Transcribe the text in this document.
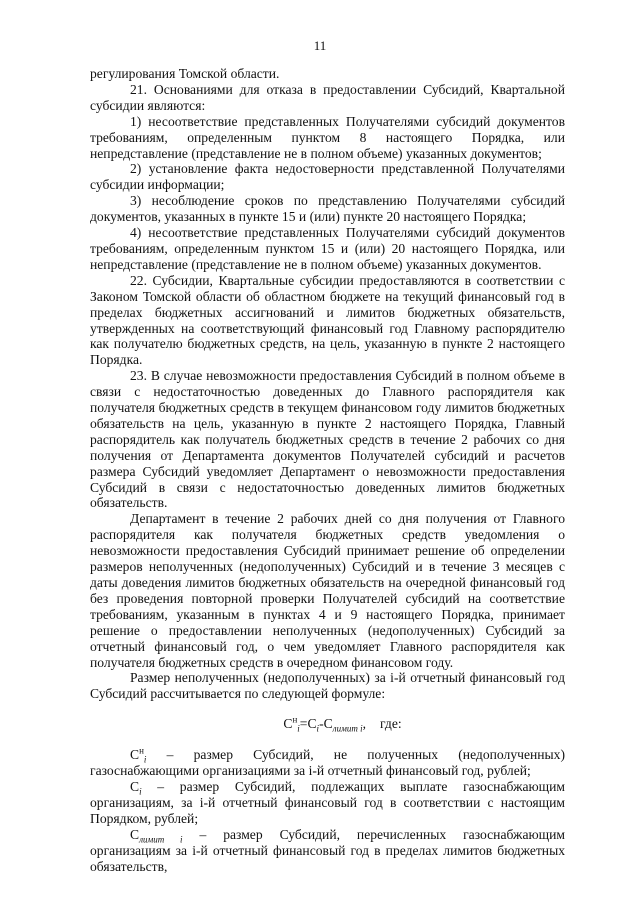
11

регулирования Томской области.

21. Основаниями для отказа в предоставлении Субсидий, Квартальной субсидии являются:

1) несоответствие представленных Получателями субсидий документов требованиям, определенным пунктом 8 настоящего Порядка, или непредставление (представление не в полном объеме) указанных документов;

2) установление факта недостоверности представленной Получателями субсидии информации;

3) несоблюдение сроков по представлению Получателями субсидий документов, указанных в пункте 15 и (или) пункте 20 настоящего Порядка;

4) несоответствие представленных Получателями субсидий документов требованиям, определенным пунктом 15 и (или) 20 настоящего Порядка, или непредставление (представление не в полном объеме) указанных документов.

22. Субсидии, Квартальные субсидии предоставляются в соответствии с Законом Томской области об областном бюджете на текущий финансовый год в пределах бюджетных ассигнований и лимитов бюджетных обязательств, утвержденных на соответствующий финансовый год Главному распорядителю как получателю бюджетных средств, на цель, указанную в пункте 2 настоящего Порядка.

23. В случае невозможности предоставления Субсидий в полном объеме в связи с недостаточностью доведенных до Главного распорядителя как получателя бюджетных средств в текущем финансовом году лимитов бюджетных обязательств на цель, указанную в пункте 2 настоящего Порядка, Главный распорядитель как получатель бюджетных средств в течение 2 рабочих со дня получения от Департамента документов Получателей субсидий и расчетов размера Субсидий уведомляет Департамент о невозможности предоставления Субсидий в связи с недостаточностью доведенных лимитов бюджетных обязательств.

Департамент в течение 2 рабочих дней со дня получения от Главного распорядителя как получателя бюджетных средств уведомления о невозможности предоставления Субсидий принимает решение об определении размеров неполученных (недополученных) Субсидий и в течение 3 месяцев с даты доведения лимитов бюджетных обязательств на очередной финансовый год без проведения повторной проверки Получателей субсидий на соответствие требованиям, указанным в пунктах 4 и 9 настоящего Порядка, принимает решение о предоставлении неполученных (недополученных) Субсидий за отчетный финансовый год, о чем уведомляет Главного распорядителя как получателя бюджетных средств в очередном финансовом году.

Размер неполученных (недополученных) за i-й отчетный финансовый год Субсидий рассчитывается по следующей формуле:

$C^н_i=C_i-C_{лимит i}$, где:

$C^н_i$ – размер Субсидий, не полученных (недополученных) газоснабжающими организациями за i-й отчетный финансовый год, рублей;

$C_i$ – размер Субсидий, подлежащих выплате газоснабжающим организациям, за i-й отчетный финансовый год в соответствии с настоящим Порядком, рублей;

$C_{лимит i}$ – размер Субсидий, перечисленных газоснабжающим организациям за i-й отчетный финансовый год в пределах лимитов бюджетных обязательств,
